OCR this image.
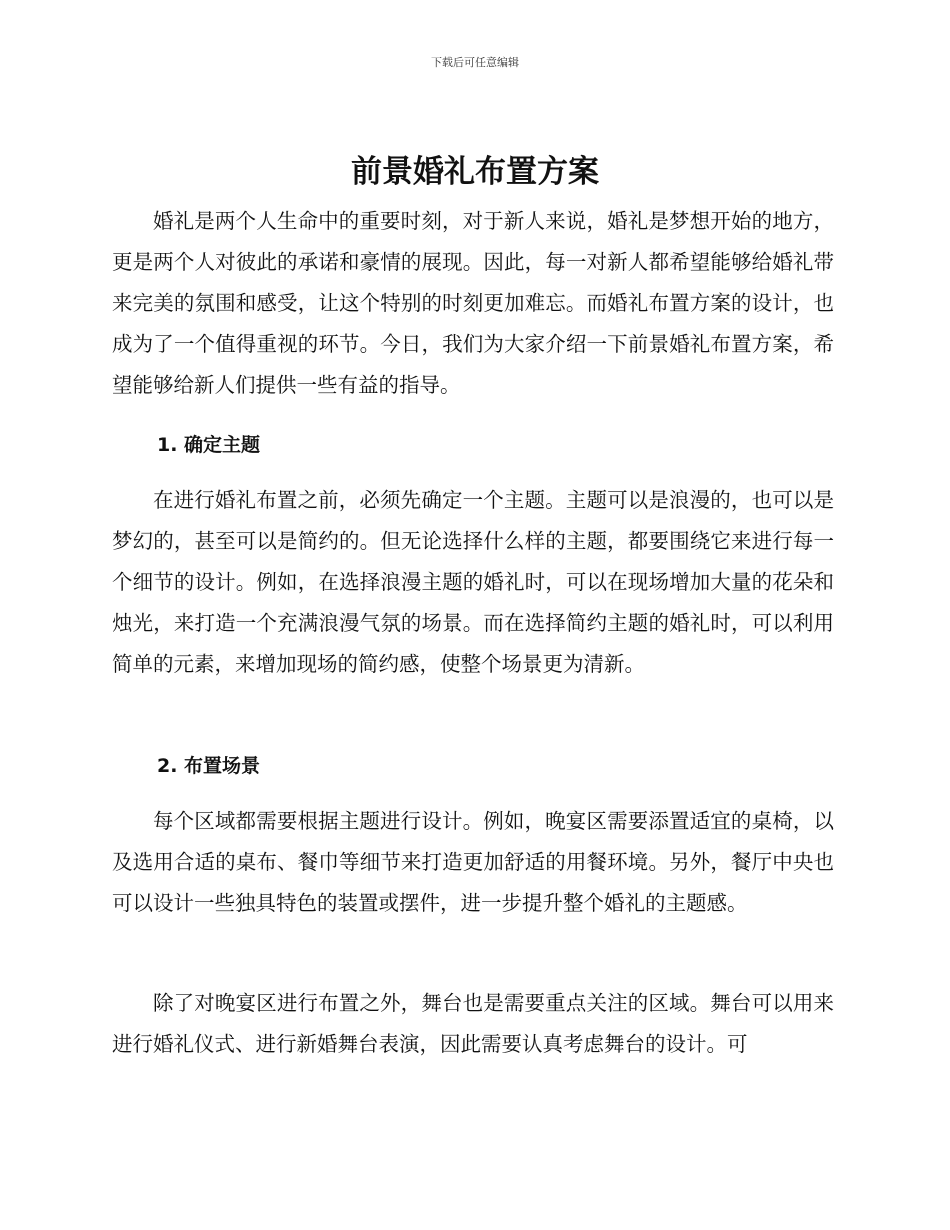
下载后可任意编辑
前景婚礼布置方案

婚礼是两个人生命中的重要时刻，对于新人来说，婚礼是梦想开始的地方，更是两个人对彼此的承诺和豪情的展现。因此，每一对新人都希望能够给婚礼带来完美的氛围和感受，让这个特别的时刻更加难忘。而婚礼布置方案的设计，也成为了一个值得重视的环节。今日，我们为大家介绍一下前景婚礼布置方案，希望能够给新人们提供一些有益的指导。

1. 确定主题

在进行婚礼布置之前，必须先确定一个主题。主题可以是浪漫的，也可以是梦幻的，甚至可以是简约的。但无论选择什么样的主题，都要围绕它来进行每一个细节的设计。例如，在选择浪漫主题的婚礼时，可以在现场增加大量的花朵和烛光，来打造一个充满浪漫气氛的场景。而在选择简约主题的婚礼时，可以利用简单的元素，来增加现场的简约感，使整个场景更为清新。

2. 布置场景

每个区域都需要根据主题进行设计。例如，晚宴区需要添置适宜的桌椅，以及选用合适的桌布、餐巾等细节来打造更加舒适的用餐环境。另外，餐厅中央也可以设计一些独具特色的装置或摆件，进一步提升整个婚礼的主题感。

除了对晚宴区进行布置之外，舞台也是需要重点关注的区域。舞台可以用来进行婚礼仪式、进行新婚舞台表演，因此需要认真考虑舞台的设计。可
